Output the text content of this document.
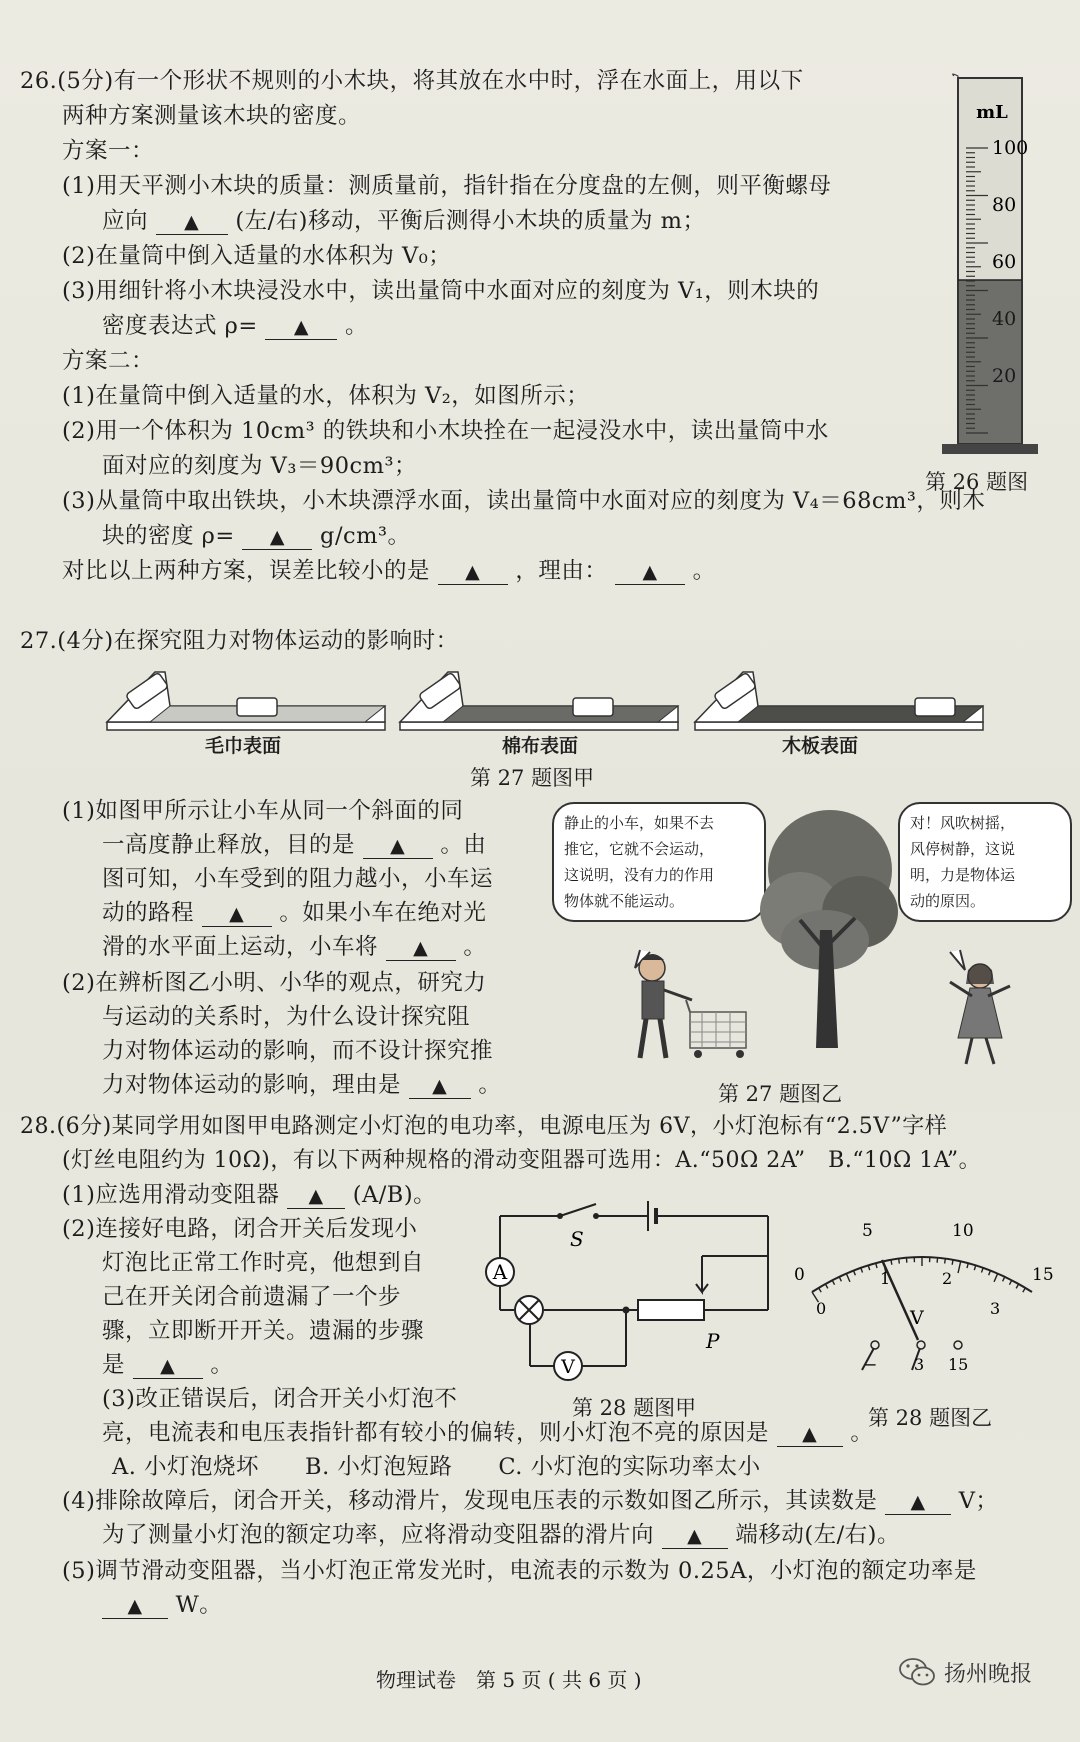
26.(5分)有一个形状不规则的小木块，将其放在水中时，浮在水面上，用以下
两种方案测量该木块的密度。
方案一：
(1)用天平测小木块的质量：测质量前，指针指在分度盘的左侧，则平衡螺母
应向 ▲ (左/右)移动，平衡后测得小木块的质量为 m；
(2)在量筒中倒入适量的水体积为 V₀；
(3)用细针将小木块浸没水中，读出量筒中水面对应的刻度为 V₁，则木块的
密度表达式 ρ= ▲ 。
方案二：
(1)在量筒中倒入适量的水，体积为 V₂，如图所示；
(2)用一个体积为 10cm³ 的铁块和小木块拴在一起浸没水中，读出量筒中水
面对应的刻度为 V₃＝90cm³；
(3)从量筒中取出铁块，小木块漂浮水面，读出量筒中水面对应的刻度为 V₄＝68cm³，则木
块的密度 ρ= ▲ g/cm³。
对比以上两种方案，误差比较小的是 ▲ ，理由： ▲ 。
mL
100
80
60
40
20
第 26 题图
27.(4分)在探究阻力对物体运动的影响时：
毛巾表面	棉布表面	木板表面
第 27 题图甲
(1)如图甲所示让小车从同一个斜面的同
一高度静止释放，目的是 ▲ 。由
图可知，小车受到的阻力越小，小车运
动的路程 ▲ 。如果小车在绝对光
滑的水平面上运动，小车将 ▲ 。
(2)在辨析图乙小明、小华的观点，研究力
与运动的关系时，为什么设计探究阻
力对物体运动的影响，而不设计探究推
力对物体运动的影响，理由是 ▲ 。
静止的小车，如果不去
推它，它就不会运动，
这说明，没有力的作用
物体就不能运动。
对！风吹树摇，
风停树静，这说
明，力是物体运
动的原因。
第 27 题图乙
28.(6分)某同学用如图甲电路测定小灯泡的电功率，电源电压为 6V，小灯泡标有“2.5V”字样
(灯丝电阻约为 10Ω)，有以下两种规格的滑动变阻器可选用：A.“50Ω 2A”　B.“10Ω 1A”。
(1)应选用滑动变阻器 ▲ (A/B)。
(2)连接好电路，闭合开关后发现小
灯泡比正常工作时亮，他想到自
己在开关闭合前遗漏了一个步
骤，立即断开开关。遗漏的步骤
是 ▲ 。
A
V
S
P
第 28 题图甲
0
5	10
15
0
1	2
3
V
− 3 15
第 28 题图乙
(3)改正错误后，闭合开关小灯泡不
亮，电流表和电压表指针都有较小的偏转，则小灯泡不亮的原因是 ▲ 。
A. 小灯泡烧坏　　B. 小灯泡短路　　C. 小灯泡的实际功率太小
(4)排除故障后，闭合开关，移动滑片，发现电压表的示数如图乙所示，其读数是 ▲ V；
为了测量小灯泡的额定功率，应将滑动变阻器的滑片向 ▲ 端移动(左/右)。
(5)调节滑动变阻器，当小灯泡正常发光时，电流表的示数为 0.25A，小灯泡的额定功率是
▲ W。
物理试卷　第 5 页 ( 共 6 页 )	扬州晚报
